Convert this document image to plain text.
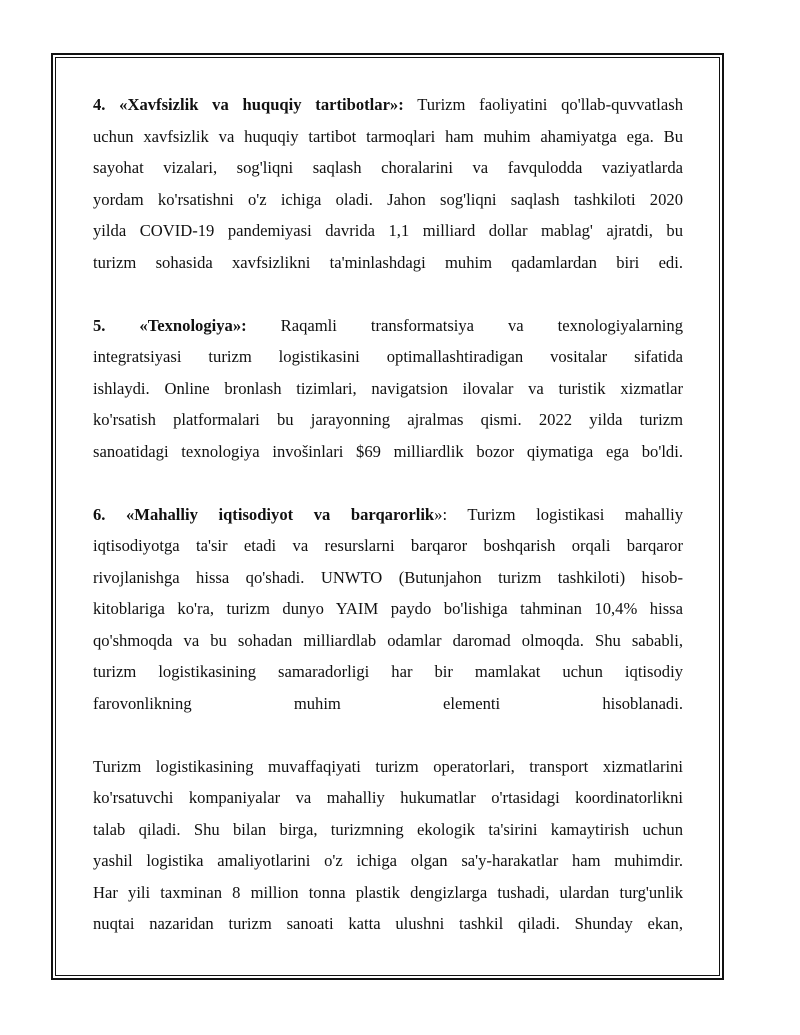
4. «Xavfsizlik va huquqiy tartibotlar»: Turizm faoliyatini qo'llab-quvvatlash
uchun xavfsizlik va huquqiy tartibot tarmoqlari ham muhim ahamiyatga ega. Bu
sayohat vizalari, sog'liqni saqlash choralarini va favqulodda vaziyatlarda
yordam ko'rsatishni o'z ichiga oladi. Jahon sog'liqni saqlash tashkiloti 2020
yilda COVID-19 pandemiyasi davrida 1,1 milliard dollar mablag' ajratdi, bu
turizm sohasida xavfsizlikni ta'minlashdagi muhim qadamlardan biri edi.
5. «Texnologiya»: Raqamli transformatsiya va texnologiyalarning
integratsiyasi turizm logistikasini optimallashtiradigan vositalar sifatida
ishlaydi. Online bronlash tizimlari, navigatsion ilovalar va turistik xizmatlar
ko'rsatish platformalari bu jarayonning ajralmas qismi. 2022 yilda turizm
sanoatidagi texnologiya invošinlari $69 milliardlik bozor qiymatiga ega bo'ldi.
6. «Mahalliy iqtisodiyot va barqarorlik»: Turizm logistikasi mahalliy
iqtisodiyotga ta'sir etadi va resurslarni barqaror boshqarish orqali barqaror
rivojlanishga hissa qo'shadi. UNWTO (Butunjahon turizm tashkiloti) hisob-
kitoblariga ko'ra, turizm dunyo YAIM paydo bo'lishiga tahminan 10,4% hissa
qo'shmoqda va bu sohadan milliardlab odamlar daromad olmoqda. Shu sababli,
turizm logistikasining samaradorligi har bir mamlakat uchun iqtisodiy
farovonlikning muhim elementi hisoblanadi.
Turizm logistikasining muvaffaqiyati turizm operatorlari, transport xizmatlarini
ko'rsatuvchi kompaniyalar va mahalliy hukumatlar o'rtasidagi koordinatorlikni
talab qiladi. Shu bilan birga, turizmning ekologik ta'sirini kamaytirish uchun
yashil logistika amaliyotlarini o'z ichiga olgan sa'y-harakatlar ham muhimdir.
Har yili taxminan 8 million tonna plastik dengizlarga tushadi, ulardan turg'unlik
nuqtai nazaridan turizm sanoati katta ulushni tashkil qiladi. Shunday ekan,
